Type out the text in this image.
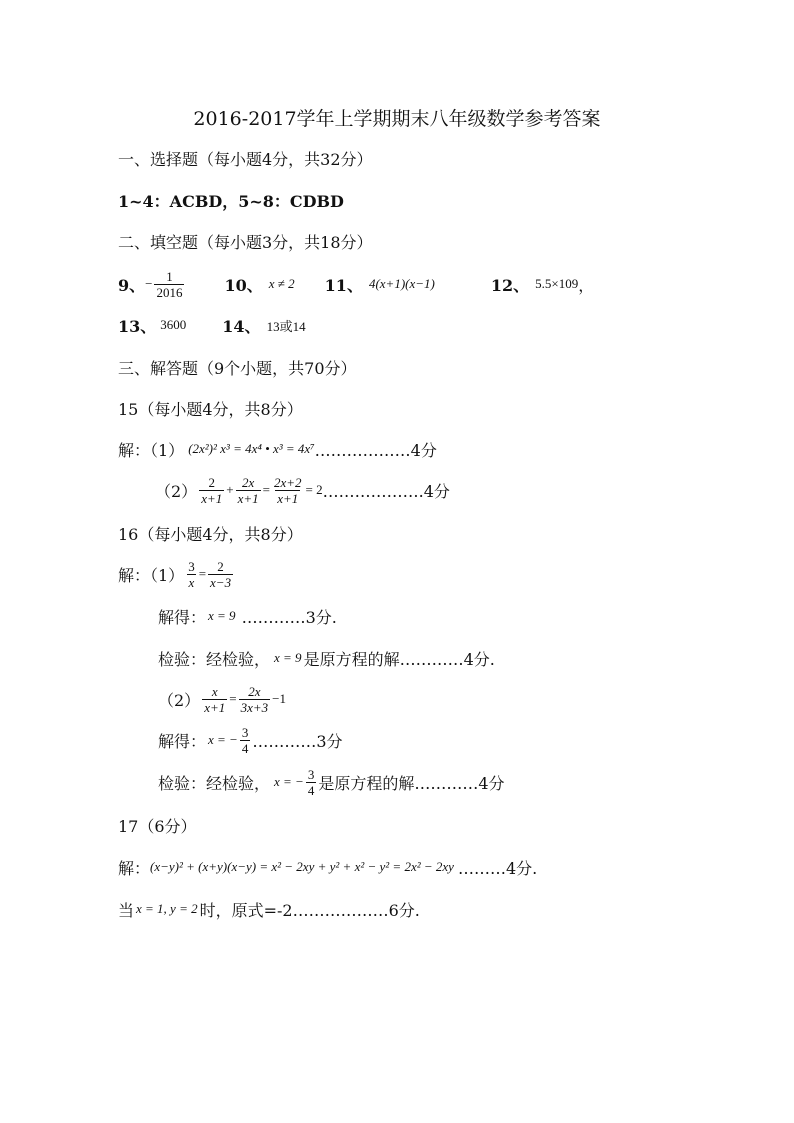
2016-2017学年上学期期末八年级数学参考答案
一、选择题（每小题4分，共32分）
1~4：ACBD，5~8：CDBD
二、填空题（每小题3分，共18分）
9、 − $\frac{1}{2016}$	10、 x ≠ 2 11、 4(x+1)(x−1)	12、 5.5×10 9 ，
13、 360 0 14、 13或14
三、解答题（9个小题，共70分）
15（每小题4分，共8分）
解：（1） (2x²)² x³ = 4x⁴ • x³ = 4x⁷ ………………4分
$(2) \frac{2}{x+1} + \frac{2x}{x+1} = \frac{2x+2}{x+1} = 2$ ……………….4分
16（每小题4分，共8分）
解：$(1) \frac{3}{x} = \frac{2}{x-3}$
解得： x = 9 …………3分.
检验：经检验， x = 9 是原方程的解…………4分.
$(2) \frac{x}{x+1} = \frac{2x}{3x+3} -1$
解得： x = − $\frac{3}{4}$ …………3分
检验：经检验， x = − $\frac{3}{4}$ 是原方程的解…………4分
17（6分）
解： (x−y)² + (x+y)(x−y) = x² − 2xy + y² + x² − y² = 2x² − 2xy ………4分.
当 x = 1, y = 2 时，原式=-2………………6分.
